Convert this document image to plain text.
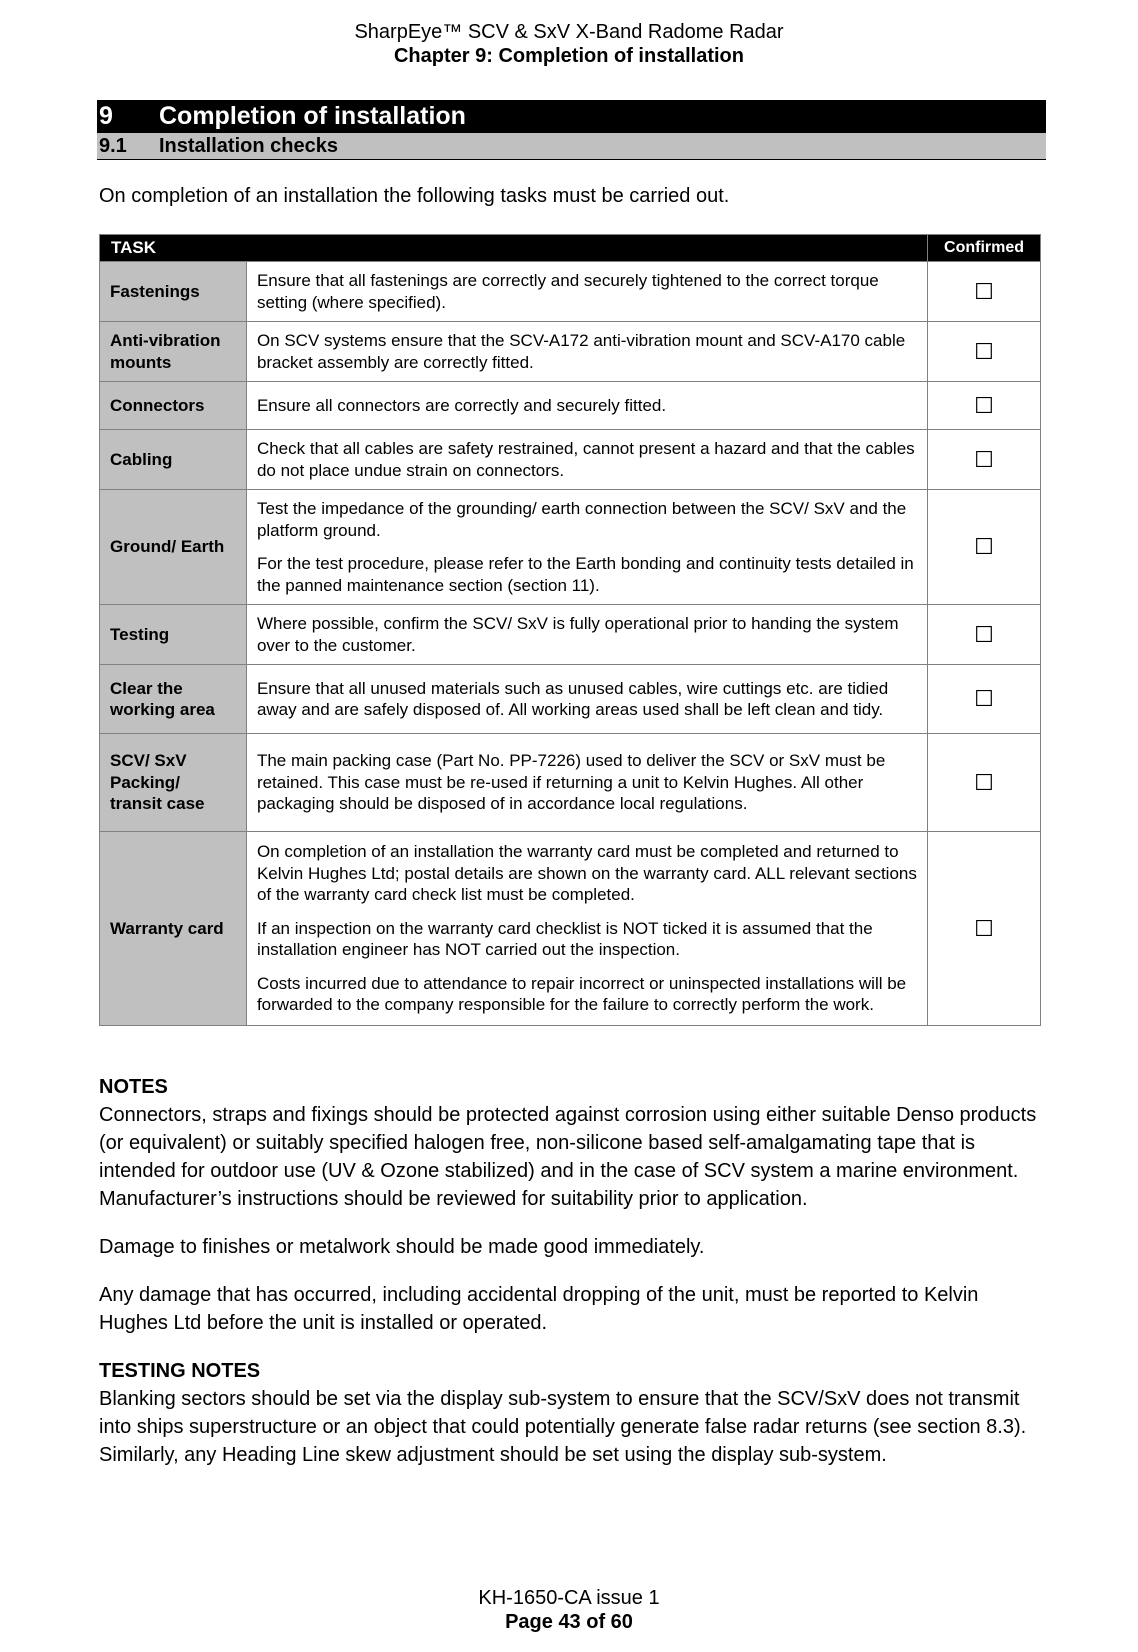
SharpEye™ SCV & SxV X-Band Radome Radar
Chapter 9: Completion of installation
9 Completion of installation
9.1 Installation checks
On completion of an installation the following tasks must be carried out.
TASK		Confirmed
Fastenings	Ensure that all fastenings are correctly and securely tightened to the correct torque setting (where specified).	☐
Anti-vibration mounts	On SCV systems ensure that the SCV-A172 anti-vibration mount and SCV-A170 cable bracket assembly are correctly fitted.	☐
Connectors	Ensure all connectors are correctly and securely fitted.	☐
Cabling	Check that all cables are safety restrained, cannot present a hazard and that the cables do not place undue strain on connectors.	☐
Ground/ Earth	Test the impedance of the grounding/ earth connection between the SCV/ SxV and the platform ground.

For the test procedure, please refer to the Earth bonding and continuity tests detailed in the panned maintenance section (section 11).	☐
Testing	Where possible, confirm the SCV/ SxV is fully operational prior to handing the system over to the customer.	☐
Clear the working area	Ensure that all unused materials such as unused cables, wire cuttings etc. are tidied away and are safely disposed of. All working areas used shall be left clean and tidy.	☐
SCV/ SxV Packing/ transit case	The main packing case (Part No. PP-7226) used to deliver the SCV or SxV must be retained. This case must be re-used if returning a unit to Kelvin Hughes. All other packaging should be disposed of in accordance local regulations.	☐
Warranty card	On completion of an installation the warranty card must be completed and returned to Kelvin Hughes Ltd; postal details are shown on the warranty card. ALL relevant sections of the warranty card check list must be completed.

If an inspection on the warranty card checklist is NOT ticked it is assumed that the installation engineer has NOT carried out the inspection.

Costs incurred due to attendance to repair incorrect or uninspected installations will be forwarded to the company responsible for the failure to correctly perform the work.	☐
NOTES

Connectors, straps and fixings should be protected against corrosion using either suitable Denso products (or equivalent) or suitably specified halogen free, non-silicone based self-amalgamating tape that is intended for outdoor use (UV & Ozone stabilized) and in the case of SCV system a marine environment. Manufacturer’s instructions should be reviewed for suitability prior to application.

Damage to finishes or metalwork should be made good immediately.

Any damage that has occurred, including accidental dropping of the unit, must be reported to Kelvin Hughes Ltd before the unit is installed or operated.

TESTING NOTES

Blanking sectors should be set via the display sub-system to ensure that the SCV/SxV does not transmit into ships superstructure or an object that could potentially generate false radar returns (see section 8.3). Similarly, any Heading Line skew adjustment should be set using the display sub-system.

KH-1650-CA issue 1
Page 43 of 60
